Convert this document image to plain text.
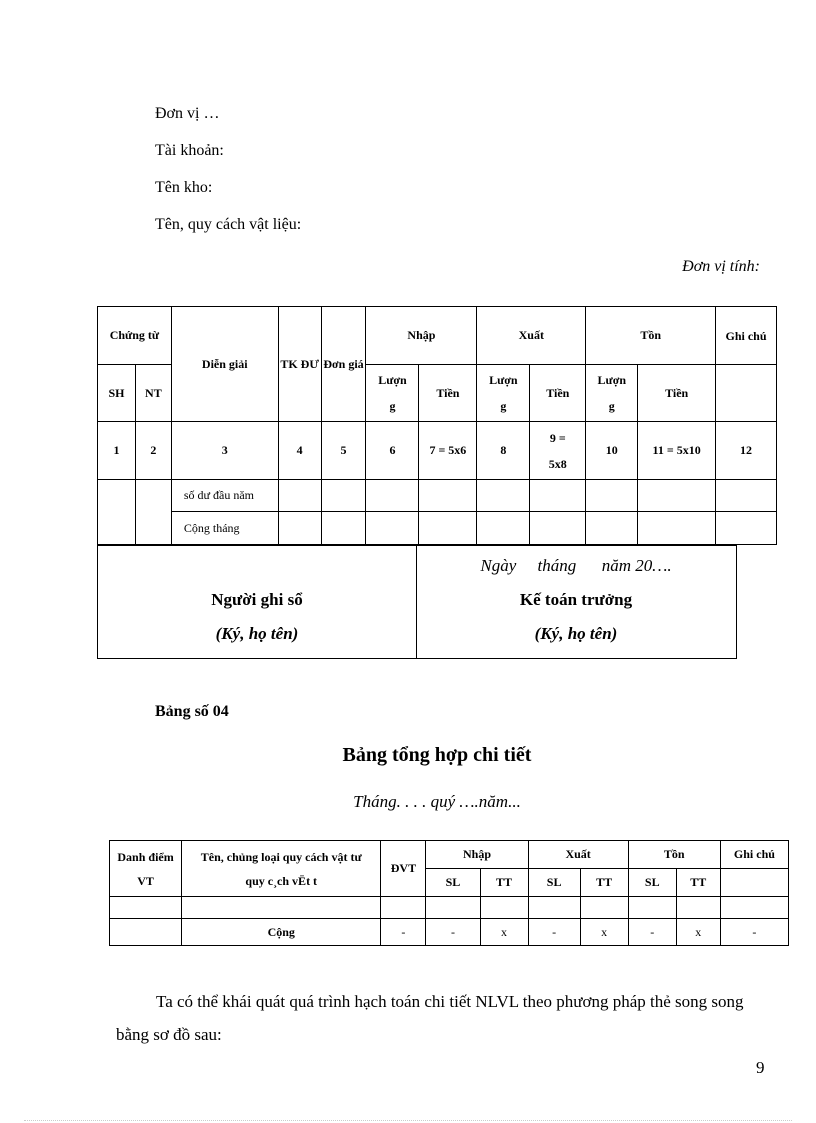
Đơn vị …
Tài khoản:
Tên kho:
Tên, quy cách vật liệu:
Đơn vị tính:
Chứng từ		Diễn giải	TK ĐƯ	Đơn giá	Nhập		Xuất		Tồn		Ghi chú
SH	NT				Lượn g	Tiền	Lượn g	Tiền	Lượn g	Tiền	
1	2	3	4	5	6	7 = 5x6	8	9 = 5x8	10	11 = 5x10	12
		số dư đầu năm									
		Cộng tháng									
Người ghi sổ
(Ký, họ tên)
Ngày     tháng      năm 20….
Kế toán trưởng
(Ký, họ tên)
Bảng số 04
Bảng tổng hợp chi tiết
Tháng. . . . quý ….năm...
Danh điểm VT	Tên, chủng loại quy cách vật tư quy c¸ch vËt t	ĐVT	Nhập		Xuất		Tồn		Ghi chú
			SL	TT	SL	TT	SL	TT	

	Cộng	-	-	x	-	x	-	x	-
Ta có thể khái quát quá trình hạch toán chi tiết NLVL theo phương pháp thẻ song song bằng sơ đồ sau:
9
